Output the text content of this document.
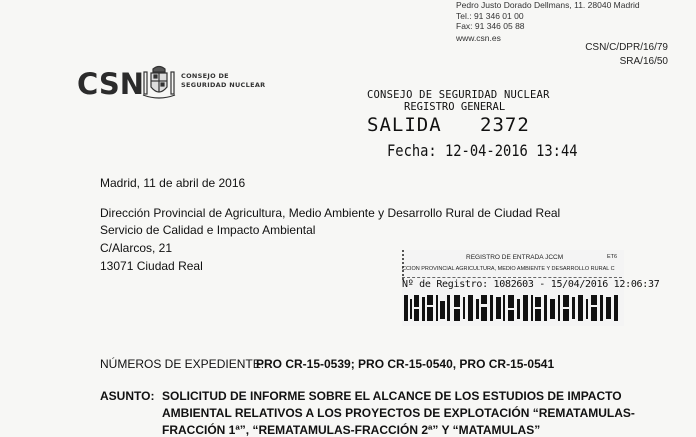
Pedro Justo Dorado Dellmans, 11. 28040 Madrid
Tel.: 91 346 01 00
Fax: 91 346 05 88
www.csn.es
CSN/C/DPR/16/79
SRA/16/50
CSN	CONSEJO DE
SEGURIDAD NUCLEAR
CONSEJO DE SEGURIDAD NUCLEAR
REGISTRO GENERAL
SALIDA 2372
Fecha: 12-04-2016 13:44
Madrid, 11 de abril de 2016
Dirección Provincial de Agricultura, Medio Ambiente y Desarrollo Rural de Ciudad Real
Servicio de Calidad e Impacto Ambiental
C/Alarcos, 21
13071 Ciudad Real
REGISTRO DE ENTRADA JCCM	ET6
CCION PROVINCIAL AGRICULTURA, MEDIO AMBIENTE Y DESARROLLO RURAL C
Nº de Registro: 1082603 - 15/04/2016 12:06:37
NÚMEROS DE EXPEDIENTE:
PRO CR-15-0539; PRO CR-15-0540, PRO CR-15-0541
ASUNTO: SOLICITUD DE INFORME SOBRE EL ALCANCE DE LOS ESTUDIOS DE IMPACTO
AMBIENTAL RELATIVOS A LOS PROYECTOS DE EXPLOTACIÓN “REMATAMULAS-
FRACCIÓN 1ª”, “REMATAMULAS-FRACCIÓN 2ª” Y “MATAMULAS”
